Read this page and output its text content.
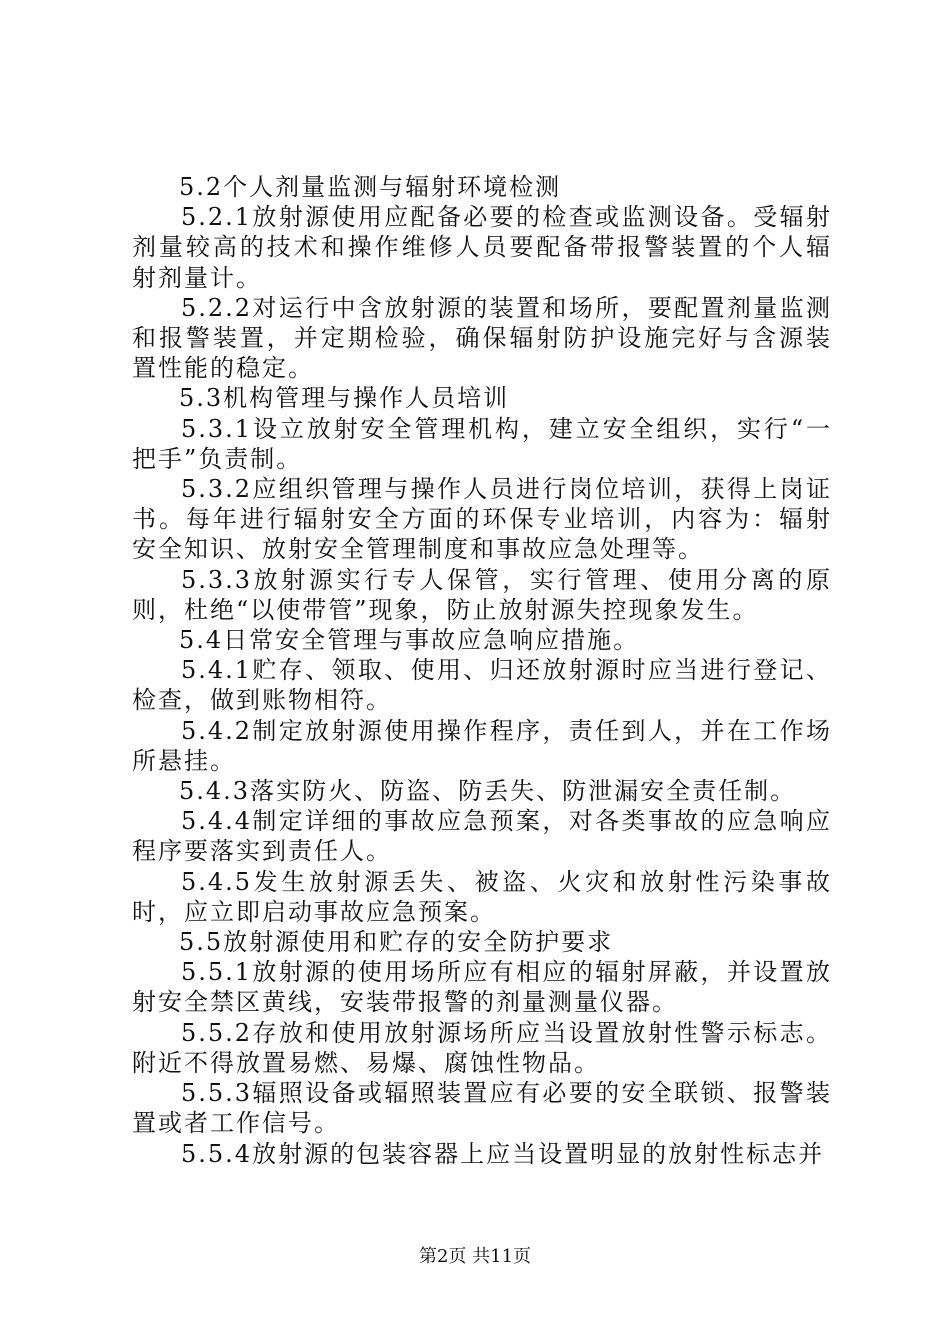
5.2个人剂量监测与辐射环境检测

5.2.1放射源使用应配备必要的检查或监测设备。受辐射剂量较高的技术和操作维修人员要配备带报警装置的个人辐射剂量计。

5.2.2对运行中含放射源的装置和场所，要配置剂量监测和报警装置，并定期检验，确保辐射防护设施完好与含源装置性能的稳定。

5.3机构管理与操作人员培训

5.3.1设立放射安全管理机构，建立安全组织，实行“一把手”负责制。

5.3.2应组织管理与操作人员进行岗位培训，获得上岗证书。每年进行辐射安全方面的环保专业培训，内容为：辐射安全知识、放射安全管理制度和事故应急处理等。

5.3.3放射源实行专人保管，实行管理、使用分离的原则，杜绝“以使带管”现象，防止放射源失控现象发生。

5.4日常安全管理与事故应急响应措施。

5.4.1贮存、领取、使用、归还放射源时应当进行登记、检查，做到账物相符。

5.4.2制定放射源使用操作程序，责任到人，并在工作场所悬挂。

5.4.3落实防火、防盗、防丢失、防泄漏安全责任制。

5.4.4制定详细的事故应急预案，对各类事故的应急响应程序要落实到责任人。

5.4.5发生放射源丢失、被盗、火灾和放射性污染事故时，应立即启动事故应急预案。

5.5放射源使用和贮存的安全防护要求

5.5.1放射源的使用场所应有相应的辐射屏蔽，并设置放射安全禁区黄线，安装带报警的剂量测量仪器。

5.5.2存放和使用放射源场所应当设置放射性警示标志。附近不得放置易燃、易爆、腐蚀性物品。

5.5.3辐照设备或辐照装置应有必要的安全联锁、报警装置或者工作信号。

5.5.4放射源的包装容器上应当设置明显的放射性标志并

第2页 共11页
